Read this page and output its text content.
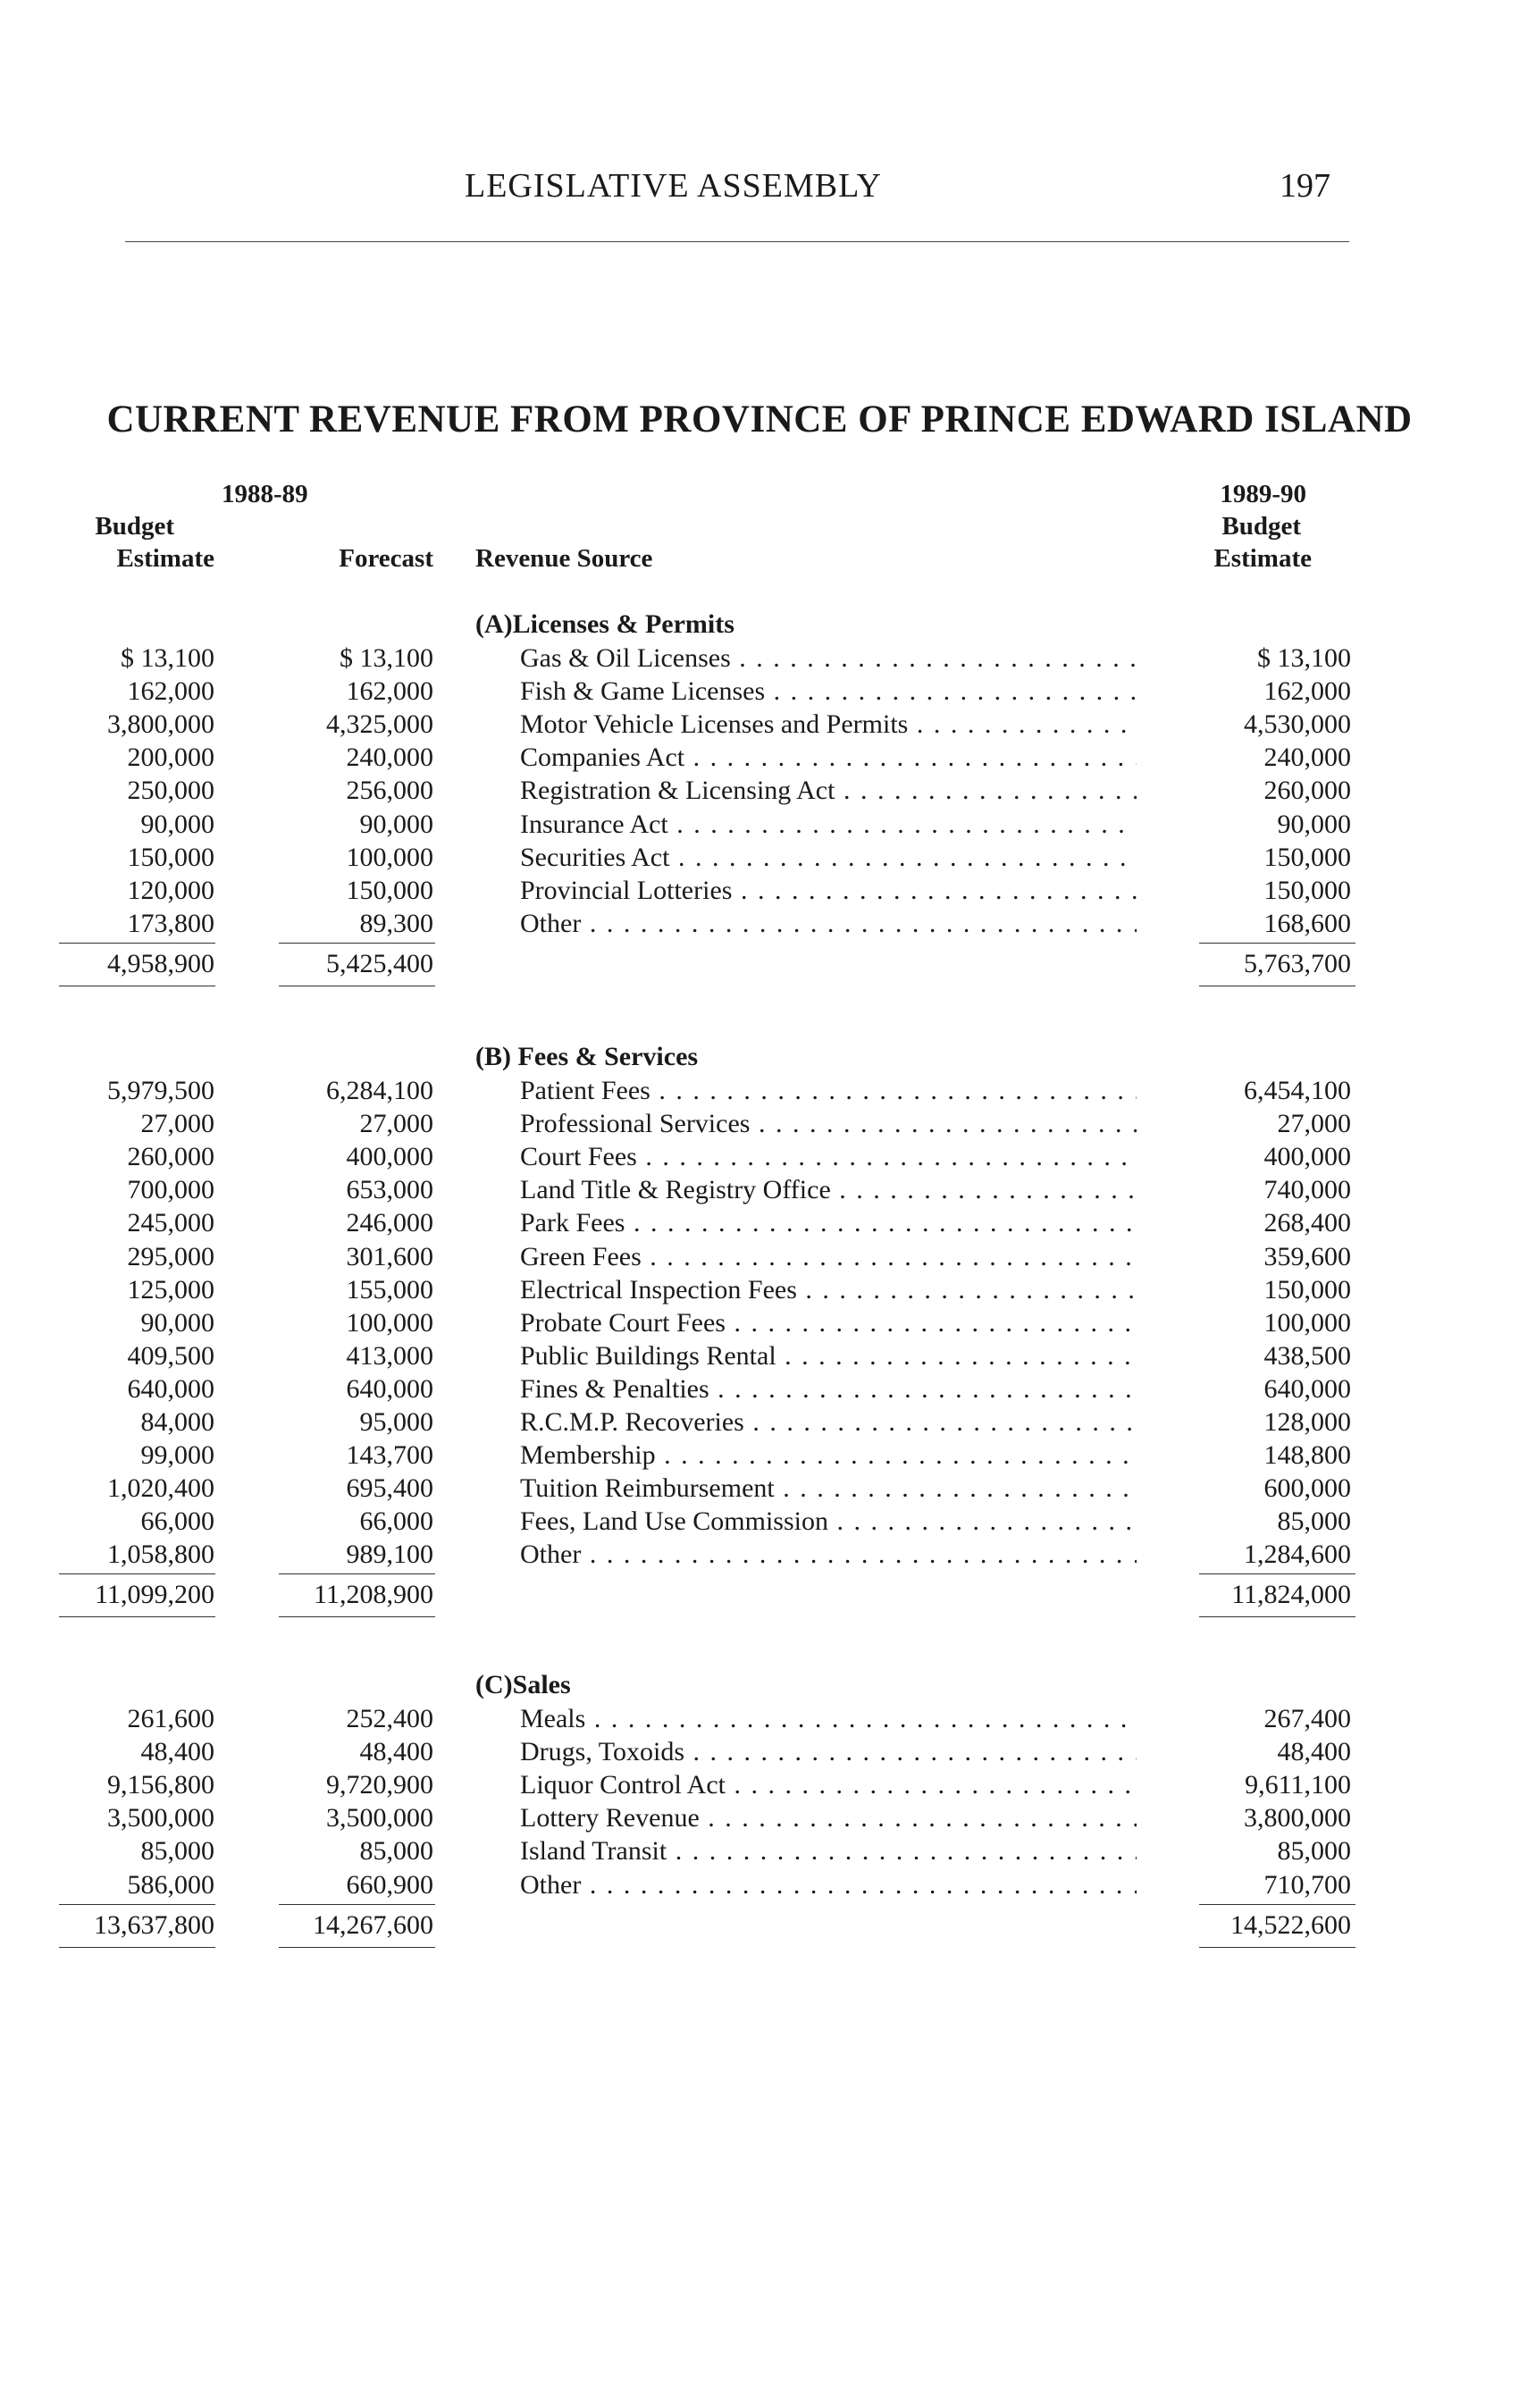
LEGISLATIVE ASSEMBLY	197
CURRENT REVENUE FROM PROVINCE OF PRINCE EDWARD ISLAND
1988-89
Budget
Estimate	Forecast Revenue Source
1989-90
Budget
Estimate
(A)Licenses & Permits
$ 13,100	$ 13,100	Gas & Oil Licenses . . .	$ 13,100
162,000	162,000	Fish & Game Licenses . . .	162,000
3,800,000	4,325,000	Motor Vehicle Licenses and Permits . . .	4,530,000
200,000	240,000	Companies Act . . .	240,000
250,000	256,000	Registration & Licensing Act . . .	260,000
90,000	90,000	Insurance Act . . .	90,000
150,000	100,000	Securities Act . . .	150,000
120,000	150,000	Provincial Lotteries . . .	150,000
173,800	89,300	Other . . .	168,600
4,958,900	5,425,400	5,763,700
(B) Fees & Services
5,979,500	6,284,100	Patient Fees . . .	6,454,100
27,000	27,000	Professional Services . . .	27,000
260,000	400,000	Court Fees . . .	400,000
700,000	653,000	Land Title & Registry Office . . .	740,000
245,000	246,000	Park Fees . . .	268,400
295,000	301,600	Green Fees . . .	359,600
125,000	155,000	Electrical Inspection Fees . . .	150,000
90,000	100,000	Probate Court Fees . . .	100,000
409,500	413,000	Public Buildings Rental . . .	438,500
640,000	640,000	Fines & Penalties . . .	640,000
84,000	95,000	R.C.M.P. Recoveries . . .	128,000
99,000	143,700	Membership . . .	148,800
1,020,400	695,400	Tuition Reimbursement . . .	600,000
66,000	66,000	Fees, Land Use Commission . . .	85,000
1,058,800	989,100	Other . . .	1,284,600
11,099,200	11,208,900	11,824,000
(C)Sales
261,600	252,400	Meals . . .	267,400
48,400	48,400	Drugs, Toxoids . . .	48,400
9,156,800	9,720,900	Liquor Control Act . . .	9,611,100
3,500,000	3,500,000	Lottery Revenue . . .	3,800,000
85,000	85,000	Island Transit . . .	85,000
586,000	660,900	Other . . .	710,700
13,637,800	14,267,600	14,522,600
